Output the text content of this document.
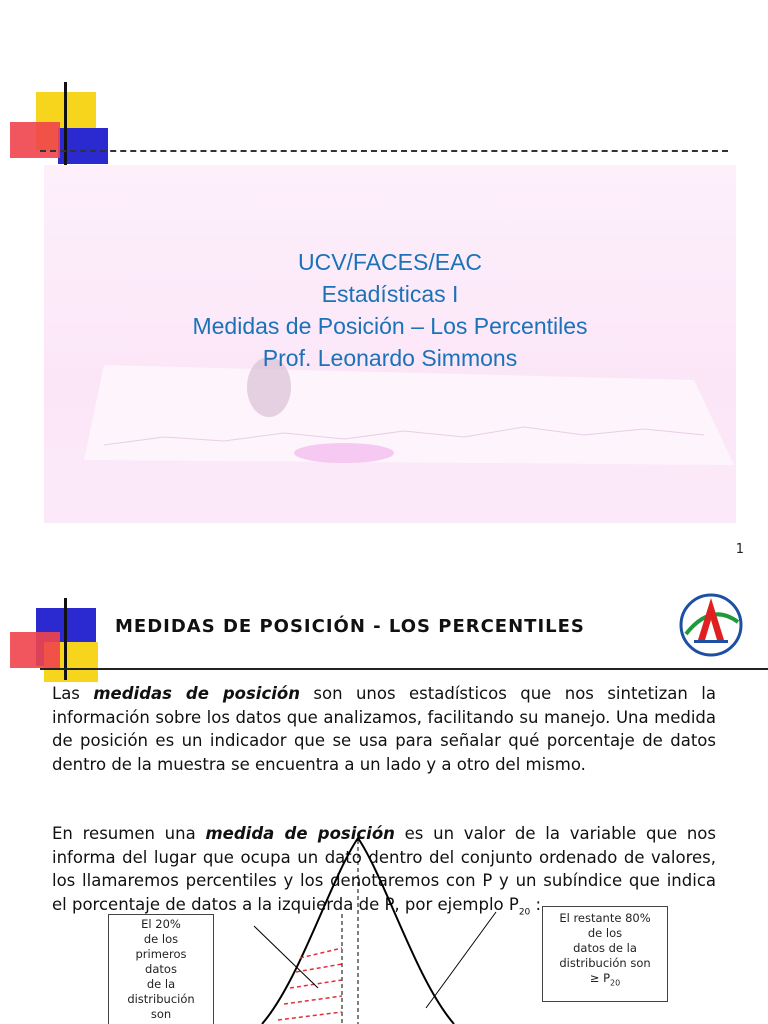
UCV/FACES/EAC
Estadísticas I
Medidas de Posición – Los Percentiles
Prof. Leonardo Simmons
1
MEDIDAS DE POSICIÓN - LOS PERCENTILES

Las medidas de posición son unos estadísticos que nos sintetizan la información sobre los datos que analizamos, facilitando su manejo. Una medida de posición es un indicador que se usa para señalar qué porcentaje de datos dentro de la muestra se encuentra a un lado y a otro del mismo.

En resumen una medida de posición es un valor de la variable que nos informa del lugar que ocupa un dato dentro del conjunto ordenado de valores, los llamaremos percentiles y los denotaremos con P y un subíndice que indica el porcentaje de datos a la izquierda de P, por ejemplo $P_{20}$ :

El 20%
de los
primeros
datos
de la
distribución
son
El restante 80%
de los
datos de la
distribución son
≥ $P_{20}$
